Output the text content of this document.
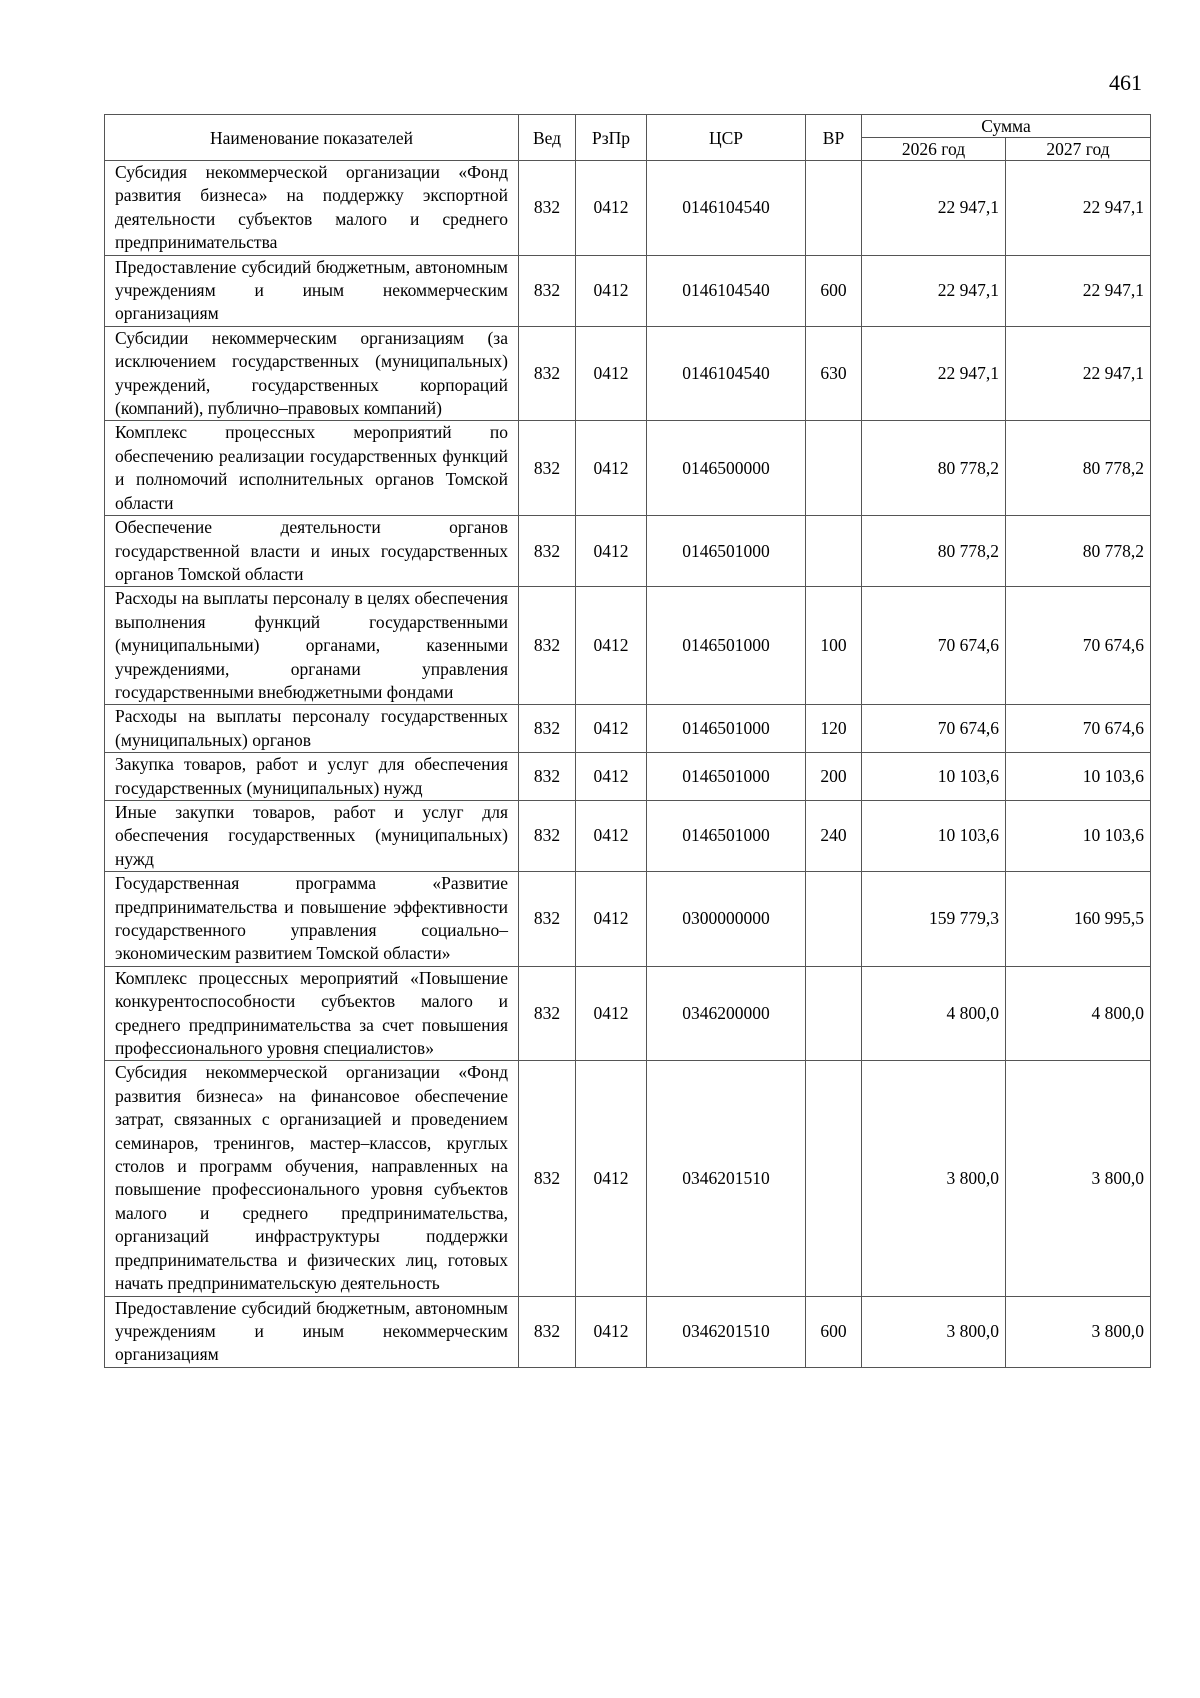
461
Наименование показателей	Вед	РзПр	ЦСР	ВР	Сумма	
					2026 год	2027 год
Субсидия некоммерческой организации «Фонд развития бизнеса» на поддержку экспортной деятельности субъектов малого и среднего предпринимательства	832	0412	0146104540		22 947,1	22 947,1
Предоставление субсидий бюджетным, автономным учреждениям и иным некоммерческим организациям	832	0412	0146104540	600	22 947,1	22 947,1
Субсидии некоммерческим организациям (за исключением государственных (муниципальных) учреждений, государственных корпораций (компаний), публично–правовых компаний)	832	0412	0146104540	630	22 947,1	22 947,1
Комплекс процессных мероприятий по обеспечению реализации государственных функций и полномочий исполнительных органов Томской области	832	0412	0146500000		80 778,2	80 778,2
Обеспечение деятельности органов государственной власти и иных государственных органов Томской области	832	0412	0146501000		80 778,2	80 778,2
Расходы на выплаты персоналу в целях обеспечения выполнения функций государственными (муниципальными) органами, казенными учреждениями, органами управления государственными внебюджетными фондами	832	0412	0146501000	100	70 674,6	70 674,6
Расходы на выплаты персоналу государственных (муниципальных) органов	832	0412	0146501000	120	70 674,6	70 674,6
Закупка товаров, работ и услуг для обеспечения государственных (муниципальных) нужд	832	0412	0146501000	200	10 103,6	10 103,6
Иные закупки товаров, работ и услуг для обеспечения государственных (муниципальных) нужд	832	0412	0146501000	240	10 103,6	10 103,6
Государственная программа «Развитие предпринимательства и повышение эффективности государственного управления социально–экономическим развитием Томской области»	832	0412	0300000000		159 779,3	160 995,5
Комплекс процессных мероприятий «Повышение конкурентоспособности субъектов малого и среднего предпринимательства за счет повышения профессионального уровня специалистов»	832	0412	0346200000		4 800,0	4 800,0
Субсидия некоммерческой организации «Фонд развития бизнеса» на финансовое обеспечение затрат, связанных с организацией и проведением семинаров, тренингов, мастер–классов, круглых столов и программ обучения, направленных на повышение профессионального уровня субъектов малого и среднего предпринимательства, организаций инфраструктуры поддержки предпринимательства и физических лиц, готовых начать предпринимательскую деятельность	832	0412	0346201510		3 800,0	3 800,0
Предоставление субсидий бюджетным, автономным учреждениям и иным некоммерческим организациям	832	0412	0346201510	600	3 800,0	3 800,0
